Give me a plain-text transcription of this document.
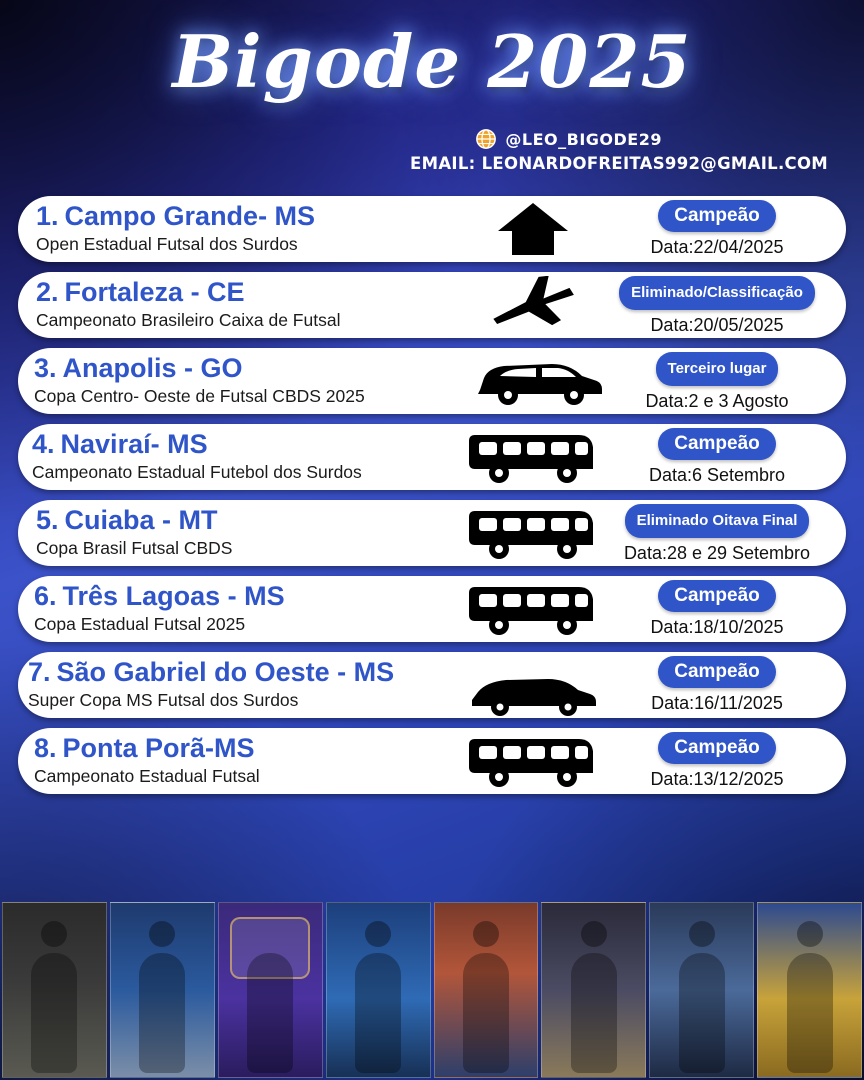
Bigode 2025
@LEO_BIGODE29
EMAIL: LEONARDOFREITAS992@GMAIL.COM
1. Campo Grande- MS
Open Estadual Futsal dos Surdos
Campeão
Data:22/04/2025
2. Fortaleza - CE
Campeonato Brasileiro Caixa de Futsal
Eliminado/Classificação
Data:20/05/2025
3. Anapolis - GO
Copa Centro- Oeste de Futsal CBDS 2025
Terceiro lugar
Data:2 e 3 Agosto
4. Naviraí- MS
Campeonato Estadual Futebol dos Surdos
Campeão
Data:6 Setembro
5. Cuiaba - MT
Copa Brasil Futsal CBDS
Eliminado Oitava Final
Data:28 e 29 Setembro
6. Três Lagoas - MS
Copa Estadual Futsal 2025
Campeão
Data:18/10/2025
7. São Gabriel do Oeste - MS
Super Copa MS Futsal dos Surdos
Campeão
Data:16/11/2025
8. Ponta Porã-MS
Campeonato Estadual Futsal
Campeão
Data:13/12/2025
